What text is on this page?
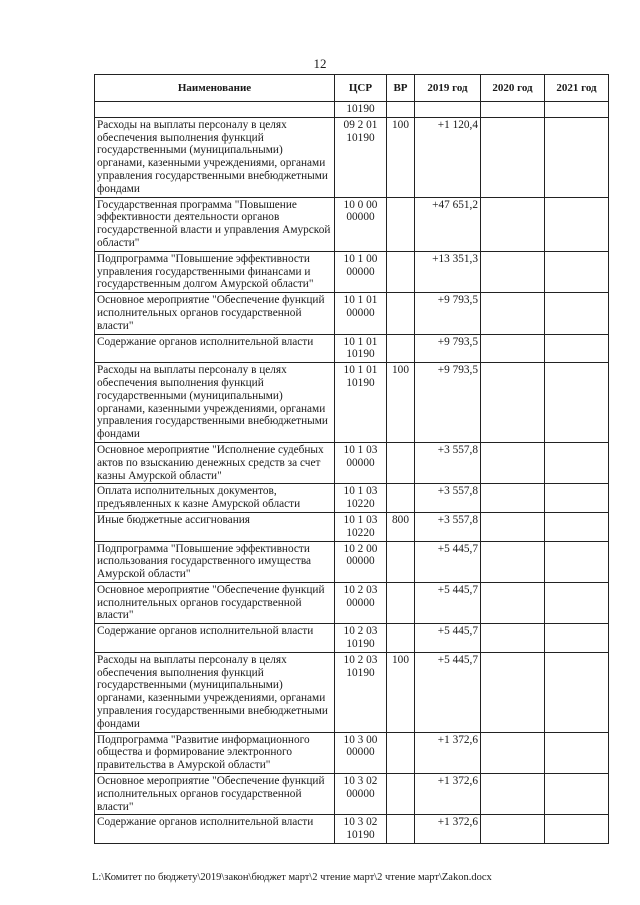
12
Наименование	ЦСР	ВР	2019 год	2020 год	2021 год
	10190				
Расходы на выплаты персоналу в целях обеспечения выполнения функций государственными (муниципальными) органами, казенными учреждениями, органами управления государственными внебюджетными фондами	09 2 01 10190	100	+1 120,4		
Государственная программа "Повышение эффективности деятельности органов государственной власти и управления Амурской области"	10 0 00 00000		+47 651,2		
Подпрограмма "Повышение эффективности управления государственными финансами и государственным долгом Амурской области"	10 1 00 00000		+13 351,3		
Основное мероприятие "Обеспечение функций исполнительных органов государственной власти"	10 1 01 00000		+9 793,5		
Содержание органов исполнительной власти	10 1 01 10190		+9 793,5		
Расходы на выплаты персоналу в целях обеспечения выполнения функций государственными (муниципальными) органами, казенными учреждениями, органами управления государственными внебюджетными фондами	10 1 01 10190	100	+9 793,5		
Основное мероприятие "Исполнение судебных актов по взысканию денежных средств за счет казны Амурской области"	10 1 03 00000		+3 557,8		
Оплата исполнительных документов, предъявленных к казне Амурской области	10 1 03 10220		+3 557,8		
Иные бюджетные ассигнования	10 1 03 10220	800	+3 557,8		
Подпрограмма "Повышение эффективности использования государственного имущества Амурской области"	10 2 00 00000		+5 445,7		
Основное мероприятие "Обеспечение функций исполнительных органов государственной власти"	10 2 03 00000		+5 445,7		
Содержание органов исполнительной власти	10 2 03 10190		+5 445,7		
Расходы на выплаты персоналу в целях обеспечения выполнения функций государственными (муниципальными) органами, казенными учреждениями, органами управления государственными внебюджетными фондами	10 2 03 10190	100	+5 445,7		
Подпрограмма "Развитие информационного общества и формирование электронного правительства в Амурской области"	10 3 00 00000		+1 372,6		
Основное мероприятие "Обеспечение функций исполнительных органов государственной власти"	10 3 02 00000		+1 372,6		
Содержание органов исполнительной власти	10 3 02 10190		+1 372,6		
L:\Комитет по бюджету\2019\закон\бюджет март\2 чтение март\2 чтение март\Zakon.docx
